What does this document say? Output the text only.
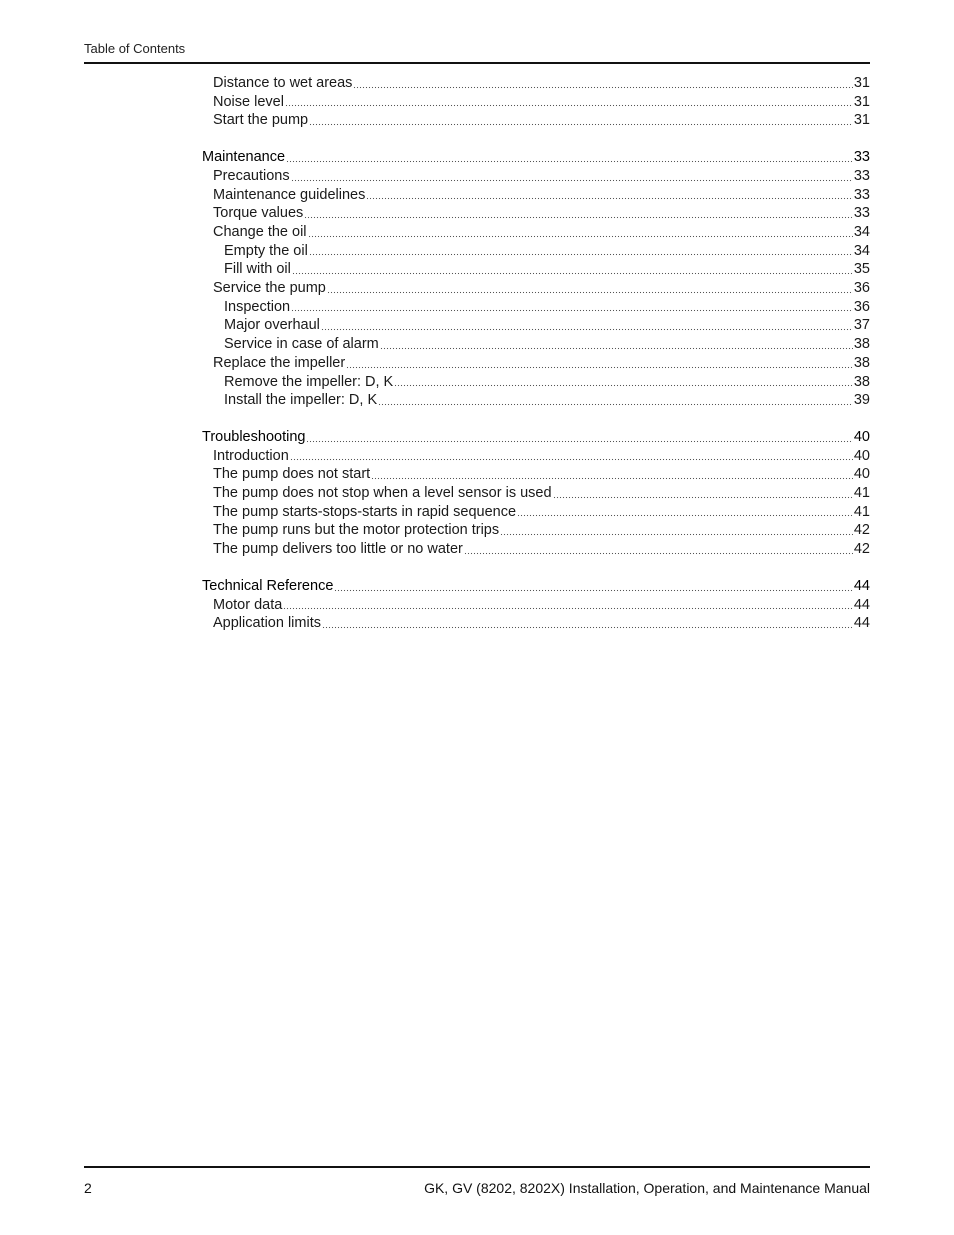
Table of Contents
Distance to wet areas	31
Noise level	31
Start the pump	31
Maintenance	33
Precautions	33
Maintenance guidelines	33
Torque values	33
Change the oil	34
Empty the oil	34
Fill with oil	35
Service the pump	36
Inspection	36
Major overhaul	37
Service in case of alarm	38
Replace the impeller	38
Remove the impeller: D, K	38
Install the impeller: D, K	39
Troubleshooting	40
Introduction	40
The pump does not start	40
The pump does not stop when a level sensor is used	41
The pump starts-stops-starts in rapid sequence	41
The pump runs but the motor protection trips	42
The pump delivers too little or no water	42
Technical Reference	44
Motor data	44
Application limits	44
2	GK, GV (8202, 8202X) Installation, Operation, and Maintenance Manual
